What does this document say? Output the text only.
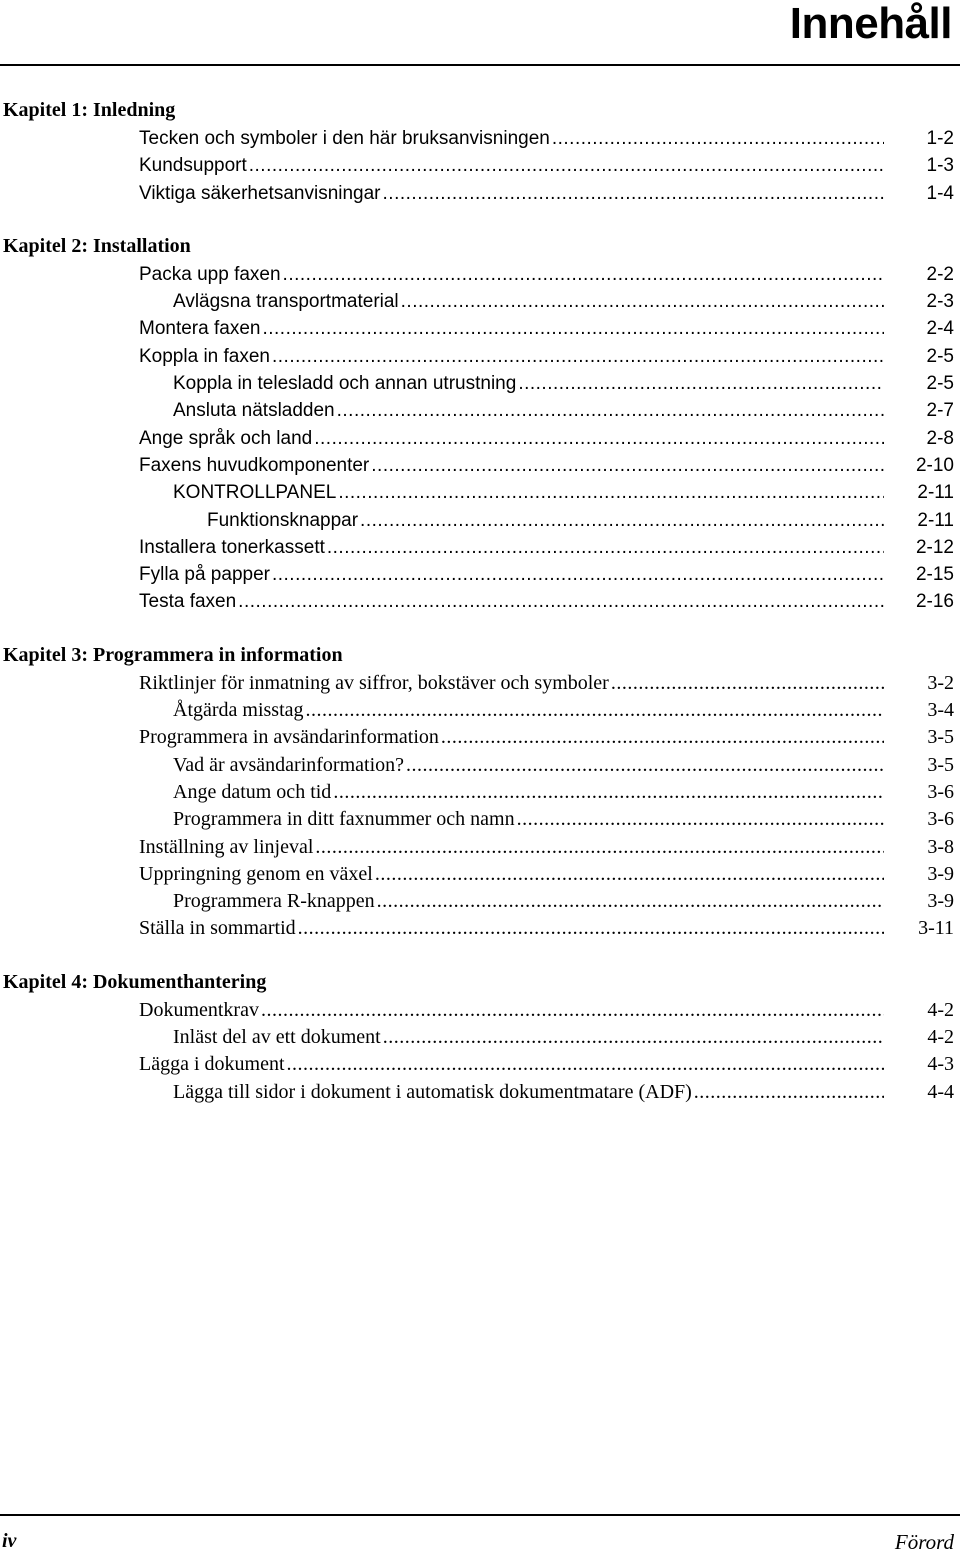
Innehåll
Kapitel 1: Inledning
Tecken och symboler i den här bruksanvisningen .....	1-2
Kundsupport .....	1-3
Viktiga säkerhetsanvisningar .....	1-4
Kapitel 2: Installation
Packa upp faxen .....	2-2
Avlägsna transportmaterial .....	2-3
Montera faxen .....	2-4
Koppla in faxen .....	2-5
Koppla in telesladd och annan utrustning .....	2-5
Ansluta nätsladden .....	2-7
Ange språk och land .....	2-8
Faxens huvudkomponenter .....	2-10
KONTROLLPANEL .....	2-11
Funktionsknappar .....	2-11
Installera tonerkassett .....	2-12
Fylla på papper .....	2-15
Testa faxen .....	2-16
Kapitel 3: Programmera in information
Riktlinjer för inmatning av siffror, bokstäver och symboler .....	3-2
Åtgärda misstag .....	3-4
Programmera in avsändarinformation .....	3-5
Vad är avsändarinformation? .....	3-5
Ange datum och tid .....	3-6
Programmera in ditt faxnummer och namn .....	3-6
Inställning av linjeval .....	3-8
Uppringning genom en växel .....	3-9
Programmera R-knappen .....	3-9
Ställa in sommartid .....	3-11
Kapitel 4: Dokumenthantering
Dokumentkrav .....	4-2
Inläst del av ett dokument .....	4-2
Lägga i dokument .....	4-3
Lägga till sidor i dokument i automatisk dokumentmatare (ADF) .....	4-4
iv	Förord
